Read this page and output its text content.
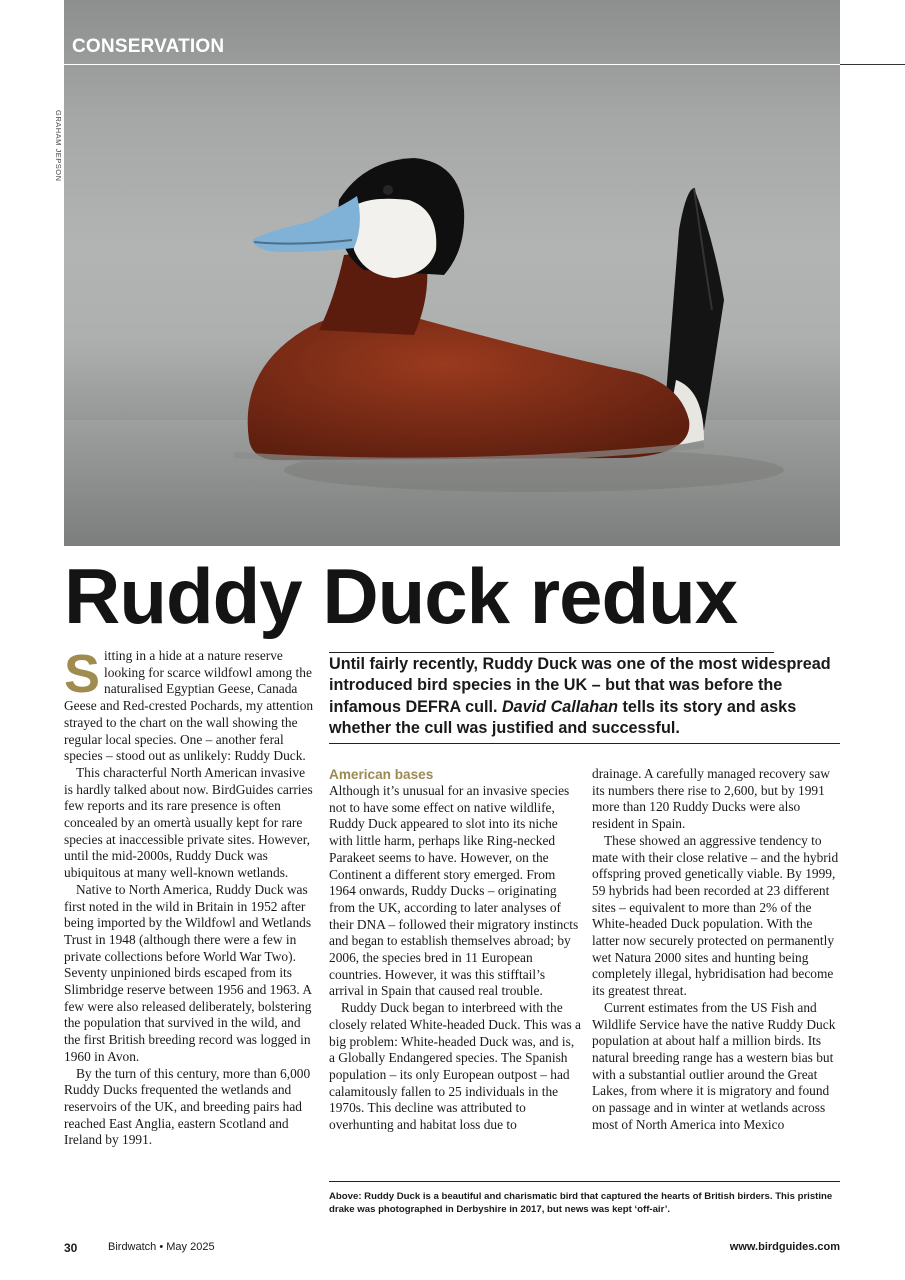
CONSERVATION
GRAHAM JEPSON
Ruddy Duck redux
Until fairly recently, Ruddy Duck was one of the most widespread introduced bird species in the UK – but that was before the infamous DEFRA cull. David Callahan tells its story and asks whether the cull was justified and successful.

Sitting in a hide at a nature reserve looking for scarce wildfowl among the naturalised Egyptian Geese, Canada Geese and Red-crested Pochards, my attention strayed to the chart on the wall showing the regular local species. One – another feral species – stood out as unlikely: Ruddy Duck.

This characterful North American invasive is hardly talked about now. BirdGuides carries few reports and its rare presence is often concealed by an omertà usually kept for rare species at inaccessible private sites. However, until the mid-2000s, Ruddy Duck was ubiquitous at many well-known wetlands.

Native to North America, Ruddy Duck was first noted in the wild in Britain in 1952 after being imported by the Wildfowl and Wetlands Trust in 1948 (although there were a few in private collections before World War Two). Seventy unpinioned birds escaped from its Slimbridge reserve between 1956 and 1963. A few were also released deliberately, bolstering the population that survived in the wild, and the first British breeding record was logged in 1960 in Avon.

By the turn of this century, more than 6,000 Ruddy Ducks frequented the wetlands and reservoirs of the UK, and breeding pairs had reached East Anglia, eastern Scotland and Ireland by 1991.

American bases

Although it’s unusual for an invasive species not to have some effect on native wildlife, Ruddy Duck appeared to slot into its niche with little harm, perhaps like Ring-necked Parakeet seems to have. However, on the Continent a different story emerged. From 1964 onwards, Ruddy Ducks – originating from the UK, according to later analyses of their DNA – followed their migratory instincts and began to establish themselves abroad; by 2006, the species bred in 11 European countries. However, it was this stifftail’s arrival in Spain that caused real trouble.

Ruddy Duck began to interbreed with the closely related White-headed Duck. This was a big problem: White-headed Duck was, and is, a Globally Endangered species. The Spanish population – its only European outpost – had calamitously fallen to 25 individuals in the 1970s. This decline was attributed to overhunting and habitat loss due to

drainage. A carefully managed recovery saw its numbers there rise to 2,600, but by 1991 more than 120 Ruddy Ducks were also resident in Spain.

These showed an aggressive tendency to mate with their close relative – and the hybrid offspring proved genetically viable. By 1999, 59 hybrids had been recorded at 23 different sites – equivalent to more than 2% of the White-headed Duck population. With the latter now securely protected on permanently wet Natura 2000 sites and hunting being completely illegal, hybridisation had become its greatest threat.

Current estimates from the US Fish and Wildlife Service have the native Ruddy Duck population at about half a million birds. Its natural breeding range has a western bias but with a substantial outlier around the Great Lakes, from where it is migratory and found on passage and in winter at wetlands across most of North America into Mexico

Above: Ruddy Duck is a beautiful and charismatic bird that captured the hearts of British birders. This pristine drake was photographed in Derbyshire in 2017, but news was kept ‘off-air’.
30	Birdwatch • May 2025	www.birdguides.com
